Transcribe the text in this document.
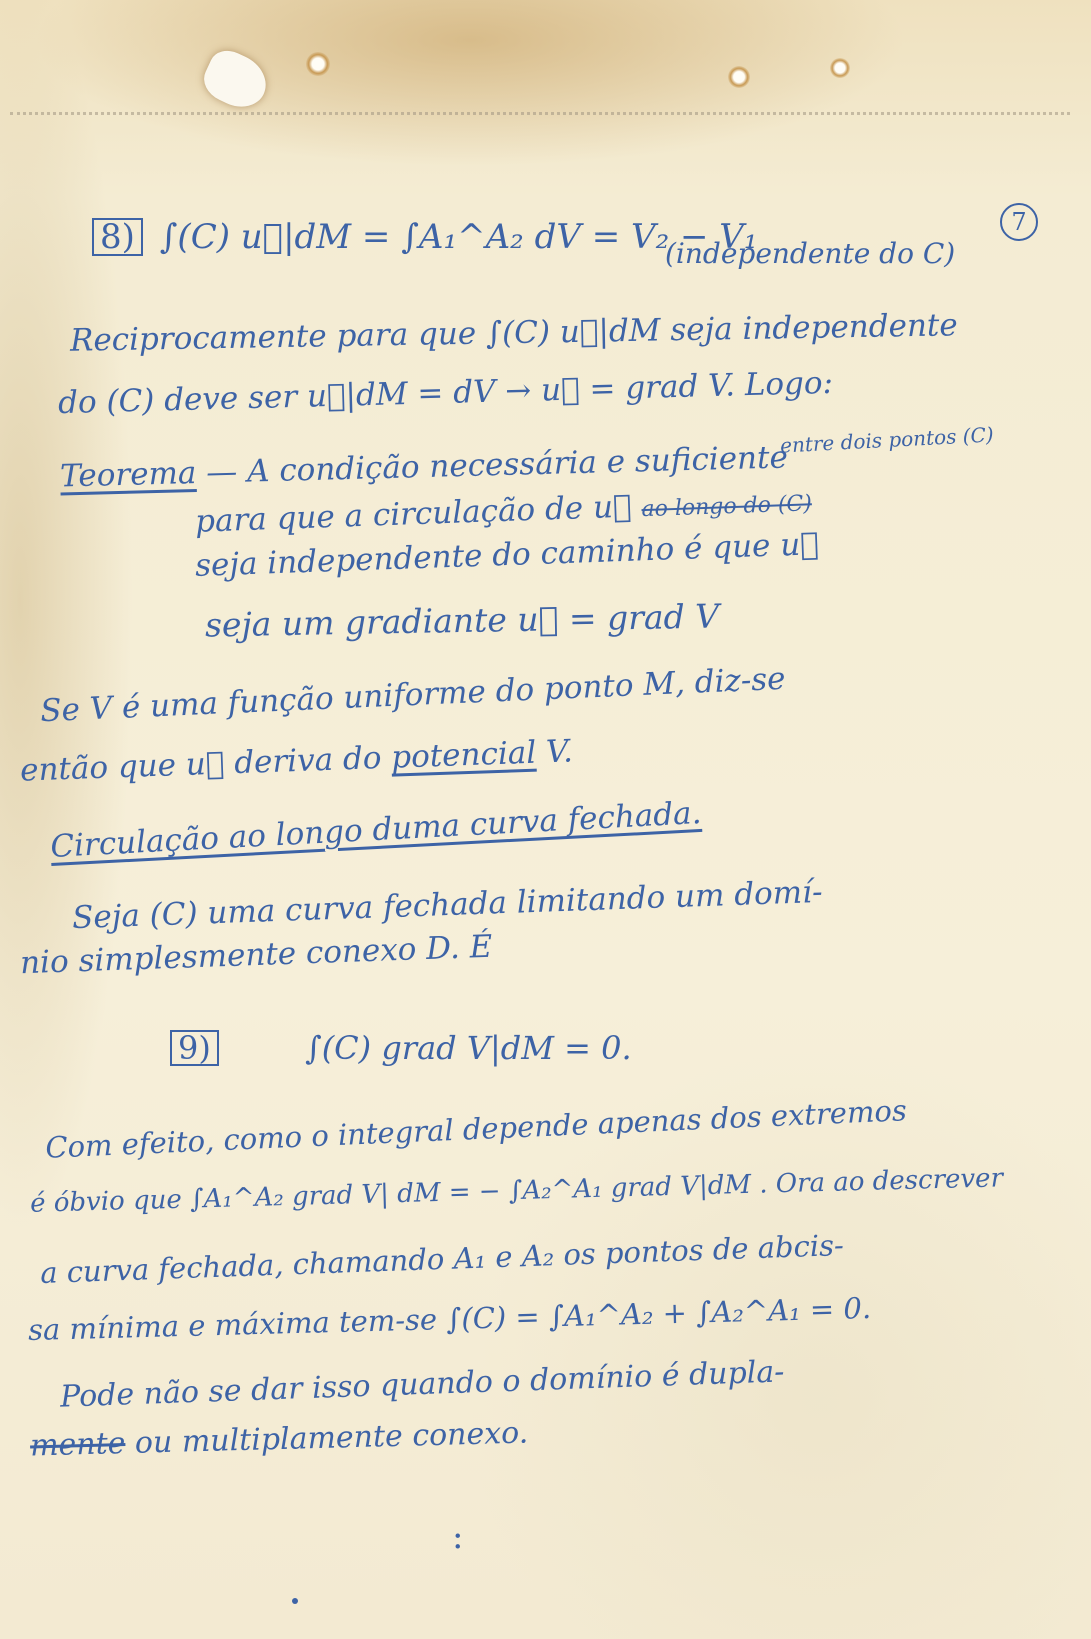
8) ∫(C) u⃗|dM = ∫A₁^A₂ dV = V₂ − V₁
(independente do C)
7
Reciprocamente para que ∫(C) u⃗|dM seja independente
do (C) deve ser u⃗|dM = dV → u⃗ = grad V. Logo:
entre dois pontos (C)
Teorema — A condição necessária e suficiente
para que a circulação de u⃗ ao longo do (C)
seja independente do caminho é que u⃗
seja um gradiante u⃗ = grad V
Se V é uma função uniforme do ponto M, diz-se
então que u⃗ deriva do potencial V.
Circulação ao longo duma curva fechada.
Seja (C) uma curva fechada limitando um domí-
nio simplesmente conexo D. É
9)	∫(C) grad V|dM = 0.
Com efeito, como o integral depende apenas dos extremos
é óbvio que ∫A₁^A₂ grad V| dM = − ∫A₂^A₁ grad V|dM . Ora ao descrever
a curva fechada, chamando A₁ e A₂ os pontos de abcis-
sa mínima e máxima tem-se ∫(C) = ∫A₁^A₂ + ∫A₂^A₁ = 0.
Pode não se dar isso quando o domínio é dupla-
mente ou multiplamente conexo.
:
